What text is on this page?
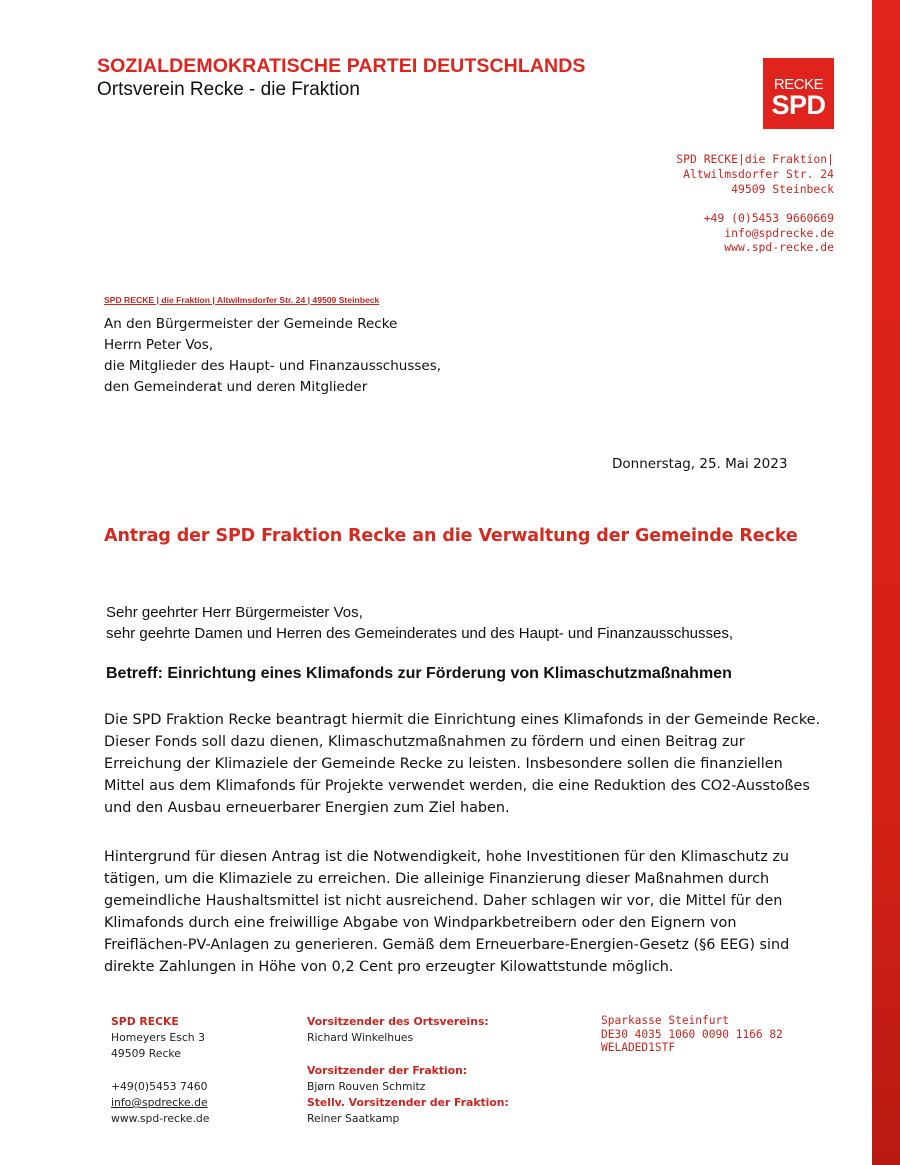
SOZIALDEMOKRATISCHE PARTEI DEUTSCHLANDS
Ortsverein Recke - die Fraktion	RECKE
SPD
SPD RECKE|die Fraktion|
Altwilmsdorfer Str. 24
49509 Steinbeck
+49 (0)5453 9660669
info@spdrecke.de
www.spd-recke.de
SPD RECKE | die Fraktion | Altwilmsdorfer Str. 24 | 49509 Steinbeck
An den Bürgermeister der Gemeinde Recke
Herrn Peter Vos,
die Mitglieder des Haupt- und Finanzausschusses,
den Gemeinderat und deren Mitglieder
Donnerstag, 25. Mai 2023
Antrag der SPD Fraktion Recke an die Verwaltung der Gemeinde Recke
Sehr geehrter Herr Bürgermeister Vos,
sehr geehrte Damen und Herren des Gemeinderates und des Haupt- und Finanzausschusses,
Betreff: Einrichtung eines Klimafonds zur Förderung von Klimaschutzmaßnahmen
Die SPD Fraktion Recke beantragt hiermit die Einrichtung eines Klimafonds in der Gemeinde Recke. Dieser Fonds soll dazu dienen, Klimaschutzmaßnahmen zu fördern und einen Beitrag zur Erreichung der Klimaziele der Gemeinde Recke zu leisten. Insbesondere sollen die finanziellen Mittel aus dem Klimafonds für Projekte verwendet werden, die eine Reduktion des CO2-Ausstoßes und den Ausbau erneuerbarer Energien zum Ziel haben.
Hintergrund für diesen Antrag ist die Notwendigkeit, hohe Investitionen für den Klimaschutz zu tätigen, um die Klimaziele zu erreichen. Die alleinige Finanzierung dieser Maßnahmen durch gemeindliche Haushaltsmittel ist nicht ausreichend. Daher schlagen wir vor, die Mittel für den Klimafonds durch eine freiwillige Abgabe von Windparkbetreibern oder den Eignern von Freiflächen-PV-Anlagen zu generieren. Gemäß dem Erneuerbare-Energien-Gesetz (§6 EEG) sind direkte Zahlungen in Höhe von 0,2 Cent pro erzeugter Kilowattstunde möglich.
SPD RECKE
Homeyers Esch 3
49509 Recke
+49(0)5453 7460
info@spdrecke.de
www.spd-recke.de
Vorsitzender des Ortsvereins:
Richard Winkelhues
Vorsitzender der Fraktion:
Bjørn Rouven Schmitz
Stellv. Vorsitzender der Fraktion:
Reiner Saatkamp
Sparkasse Steinfurt
DE30 4035 1060 0090 1166 82
WELADED1STF
